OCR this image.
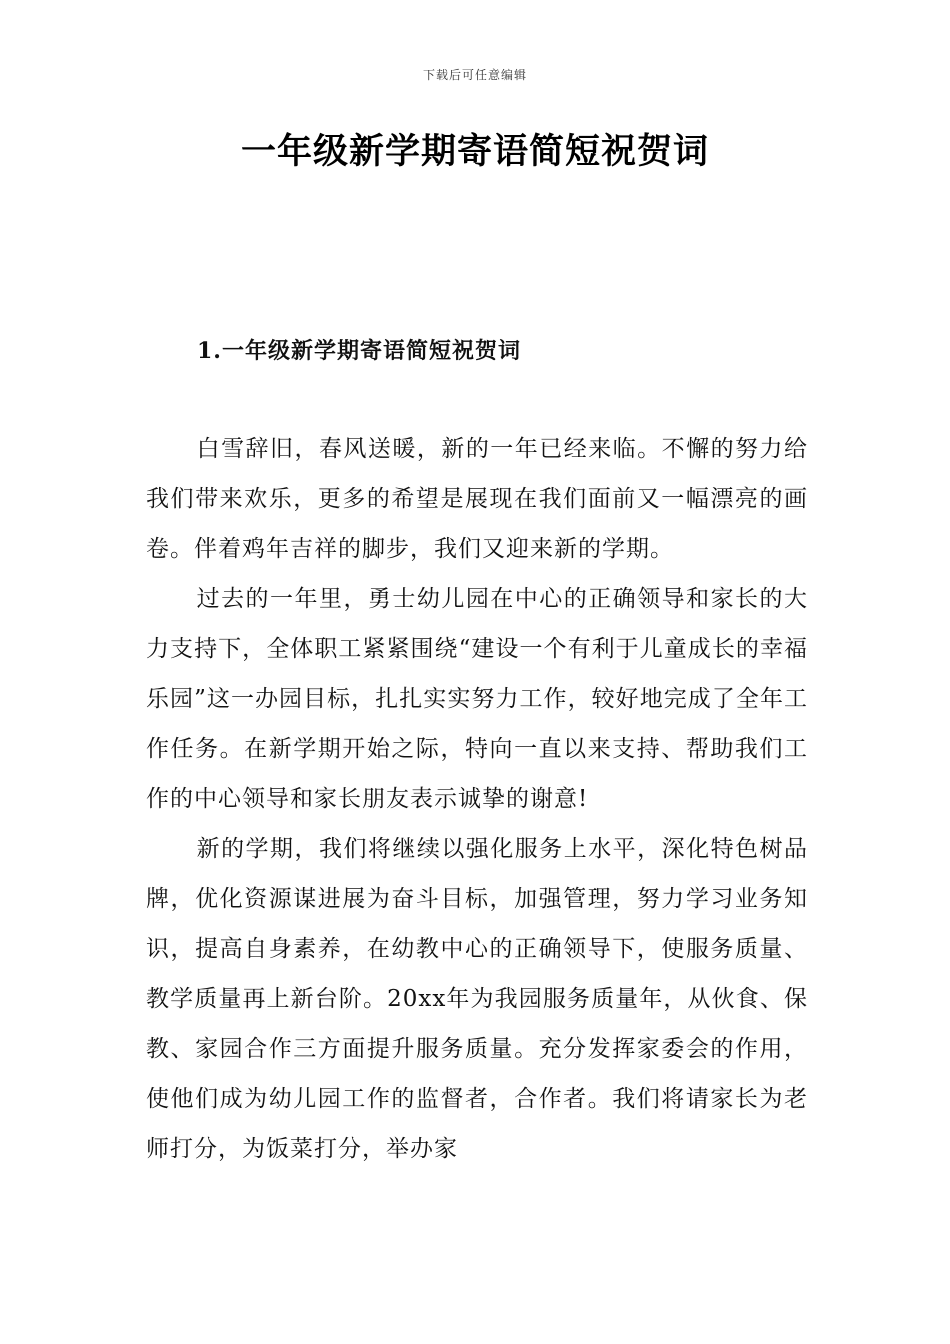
下载后可任意编辑
一年级新学期寄语简短祝贺词
1.一年级新学期寄语简短祝贺词

白雪辞旧，春风送暖，新的一年已经来临。不懈的努力给我们带来欢乐，更多的希望是展现在我们面前又一幅漂亮的画卷。伴着鸡年吉祥的脚步，我们又迎来新的学期。

过去的一年里，勇士幼儿园在中心的正确领导和家长的大力支持下，全体职工紧紧围绕“建设一个有利于儿童成长的幸福乐园”这一办园目标，扎扎实实努力工作，较好地完成了全年工作任务。在新学期开始之际，特向一直以来支持、帮助我们工作的中心领导和家长朋友表示诚挚的谢意!

新的学期，我们将继续以强化服务上水平，深化特色树品牌，优化资源谋进展为奋斗目标，加强管理，努力学习业务知识，提高自身素养，在幼教中心的正确领导下，使服务质量、教学质量再上新台阶。20xx年为我园服务质量年，从伙食、保教、家园合作三方面提升服务质量。充分发挥家委会的作用，使他们成为幼儿园工作的监督者，合作者。我们将请家长为老师打分，为饭菜打分，举办家
